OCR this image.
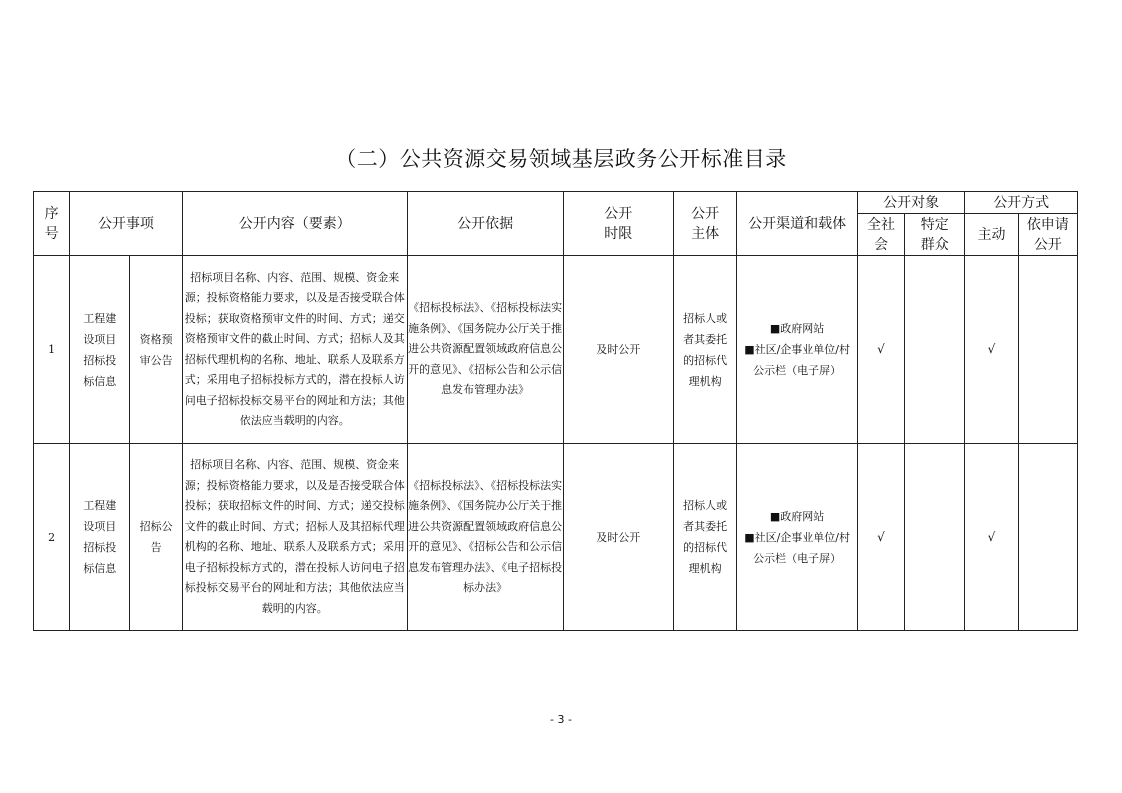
（二）公共资源交易领域基层政务公开标准目录
序号	公开事项		公开内容（要素）	公开依据	公开时限	公开主体	公开渠道和载体	公开对象		公开方式	
								全社会	特定群众	主动	依申请公开
1	工程建设项目招标投标信息	资格预审公告	招标项目名称、内容、范围、规模、资金来源；投标资格能力要求，以及是否接受联合体投标；获取资格预审文件的时间、方式；递交资格预审文件的截止时间、方式；招标人及其招标代理机构的名称、地址、联系人及联系方式；采用电子招标投标方式的，潜在投标人访问电子招标投标交易平台的网址和方法；其他依法应当载明的内容。	《招标投标法》、《招标投标法实施条例》、《国务院办公厅关于推进公共资源配置领域政府信息公开的意见》、《招标公告和公示信息发布管理办法》	及时公开	招标人或者其委托的招标代理机构	■政府网站
■社区/企事业单位/村公示栏（电子屏）	√		√	
2	工程建设项目招标投标信息	招标公告	招标项目名称、内容、范围、规模、资金来源；投标资格能力要求，以及是否接受联合体投标；获取招标文件的时间、方式；递交投标文件的截止时间、方式；招标人及其招标代理机构的名称、地址、联系人及联系方式；采用电子招标投标方式的，潜在投标人访问电子招标投标交易平台的网址和方法；其他依法应当载明的内容。	《招标投标法》、《招标投标法实施条例》、《国务院办公厅关于推进公共资源配置领域政府信息公开的意见》、《招标公告和公示信息发布管理办法》、《电子招标投标办法》	及时公开	招标人或者其委托的招标代理机构	■政府网站
■社区/企事业单位/村公示栏（电子屏）	√		√	
- 3 -
